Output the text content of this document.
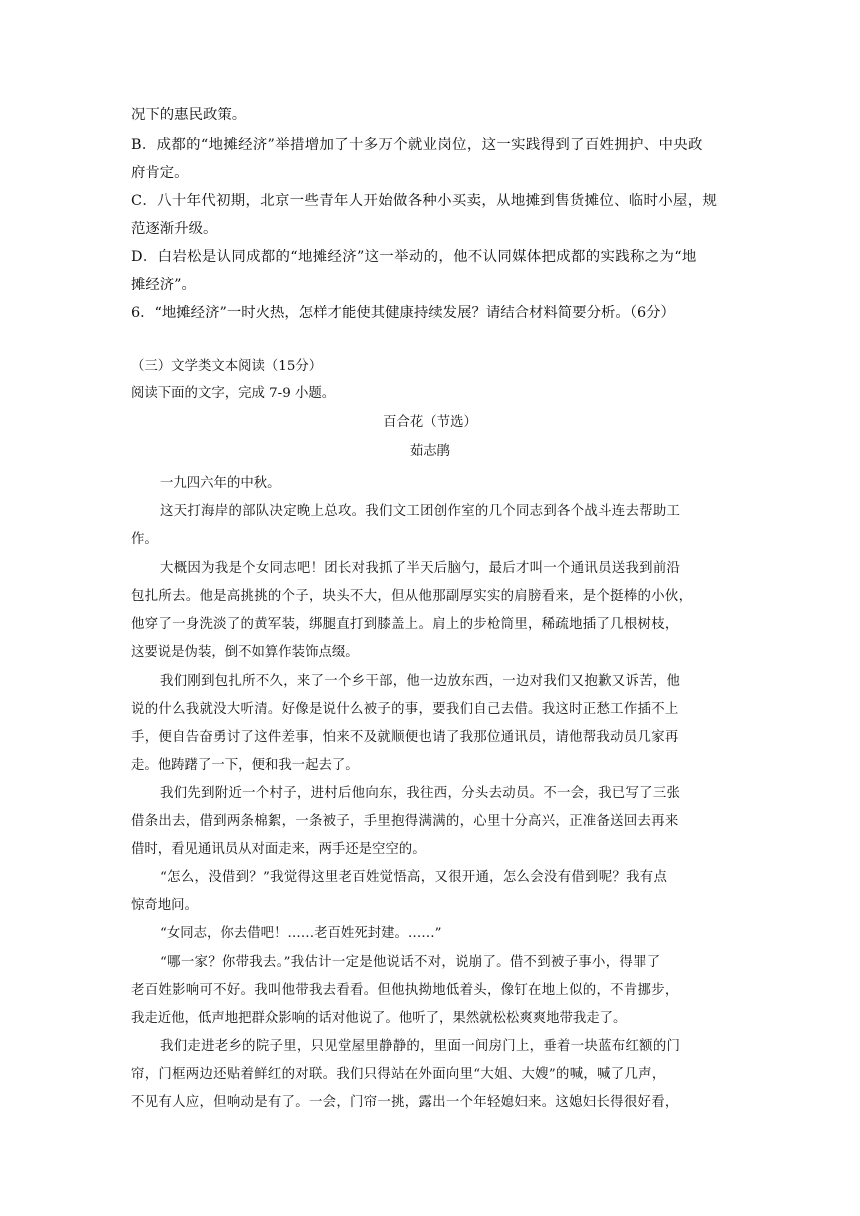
况下的惠民政策。
B．成都的“地摊经济”举措增加了十多万个就业岗位，这一实践得到了百姓拥护、中央政
府肯定。
C．八十年代初期，北京一些青年人开始做各种小买卖，从地摊到售货摊位、临时小屋，规
范逐渐升级。
D．白岩松是认同成都的“地摊经济”这一举动的，他不认同媒体把成都的实践称之为“地
摊经济”。
6．“地摊经济”一时火热，怎样才能使其健康持续发展？请结合材料简要分析。（6分）
（三）文学类文本阅读（15分）
阅读下面的文字，完成 7-9 小题。
百合花（节选）
茹志鹃
一九四六年的中秋。
这天打海岸的部队决定晚上总攻。我们文工团创作室的几个同志到各个战斗连去帮助工
作。
大概因为我是个女同志吧！团长对我抓了半天后脑勺，最后才叫一个通讯员送我到前沿
包扎所去。他是高挑挑的个子，块头不大，但从他那副厚实实的肩膀看来，是个挺棒的小伙，
他穿了一身洗淡了的黄军装，绑腿直打到膝盖上。肩上的步枪筒里，稀疏地插了几根树枝，
这要说是伪装，倒不如算作装饰点缀。
我们刚到包扎所不久，来了一个乡干部，他一边放东西，一边对我们又抱歉又诉苦，他
说的什么我就没大听清。好像是说什么被子的事，要我们自己去借。我这时正愁工作插不上
手，便自告奋勇讨了这件差事，怕来不及就顺便也请了我那位通讯员，请他帮我动员几家再
走。他踌躇了一下，便和我一起去了。
我们先到附近一个村子，进村后他向东，我往西，分头去动员。不一会，我已写了三张
借条出去，借到两条棉絮，一条被子，手里抱得满满的，心里十分高兴，正准备送回去再来
借时，看见通讯员从对面走来，两手还是空空的。
“怎么，没借到？”我觉得这里老百姓觉悟高，又很开通，怎么会没有借到呢？我有点
惊奇地问。
“女同志，你去借吧！……老百姓死封建。……”
“哪一家？你带我去。”我估计一定是他说话不对，说崩了。借不到被子事小，得罪了
老百姓影响可不好。我叫他带我去看看。但他执拗地低着头，像钉在地上似的，不肯挪步，
我走近他，低声地把群众影响的话对他说了。他听了，果然就松松爽爽地带我走了。
我们走进老乡的院子里，只见堂屋里静静的，里面一间房门上，垂着一块蓝布红额的门
帘，门框两边还贴着鲜红的对联。我们只得站在外面向里“大姐、大嫂”的喊，喊了几声，
不见有人应，但响动是有了。一会，门帘一挑，露出一个年轻媳妇来。这媳妇长得很好看，
